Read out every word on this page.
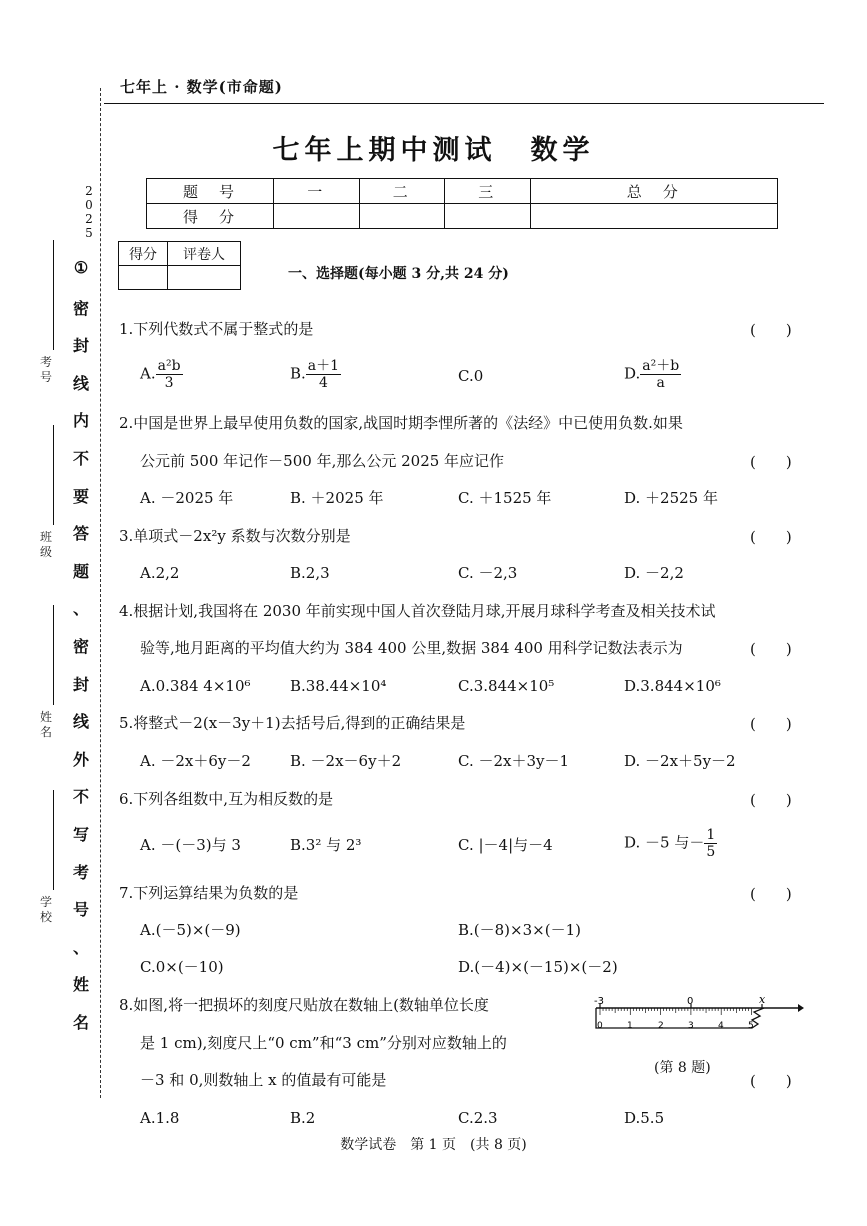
七年上 · 数学(市命题)
七年上期中测试 数学
2
0
2
5
考号
班级
姓名
学校
题　号	一	二	三	总　分
得　分				
得分	评卷人

一、选择题(每小题 3 分,共 24 分)
1.下列代数式不属于整式的是	(　　)
A. $\frac{\text{a²b}}{3}$	B. $\frac{a+1}{4}$	C.0	D. $\frac{\text{a²＋b}}{a}$
2.中国是世界上最早使用负数的国家,战国时期李悝所著的《法经》中已使用负数.如果
公元前 500 年记作－500 年,那么公元 2025 年应记作	(　　)
A. －2025 年	B. ＋2025 年	C. ＋1525 年	D. ＋2525 年
3.单项式－2x²y 系数与次数分别是	(　　)
A.2,2	B.2,3	C. －2,3	D. －2,2
4.根据计划,我国将在 2030 年前实现中国人首次登陆月球,开展月球科学考查及相关技术试
验等,地月距离的平均值大约为 384 400 公里,数据 384 400 用科学记数法表示为	(　　)
A.0.384 4×10⁶	B.38.44×10⁴	C.3.844×10⁵	D.3.844×10⁶
5.将整式－2(x－3y＋1)去括号后,得到的正确结果是	(　　)
A. －2x＋6y－2	B. －2x－6y＋2	C. －2x＋3y－1	D. －2x＋5y－2
6.下列各组数中,互为相反数的是	(　　)
A. －(－3)与 3	B.3² 与 2³	C. |－4|与－4	D. －5 与－ $\frac{1}{5}$
7.下列运算结果为负数的是	(　　)
A.(－5)×(－9)	B.(－8)×3×(－1)
C.0×(－10)	D.(－4)×(－15)×(－2)
8.如图,将一把损坏的刻度尺贴放在数轴上(数轴单位长度
是 1 cm),刻度尺上“0 cm”和“3 cm”分别对应数轴上的
－3 和 0,则数轴上 x 的值最有可能是	(　　)
-3	0	x
0	1	2	3	4	5
(第 8 题)
A.1.8	B.2	C.2.3	D.5.5
数学试卷　第 1 页　(共 8 页)
①
密
封
线
内
不
要
答
题
、
密
封
线
外
不
写
考
号
、
姓
名
